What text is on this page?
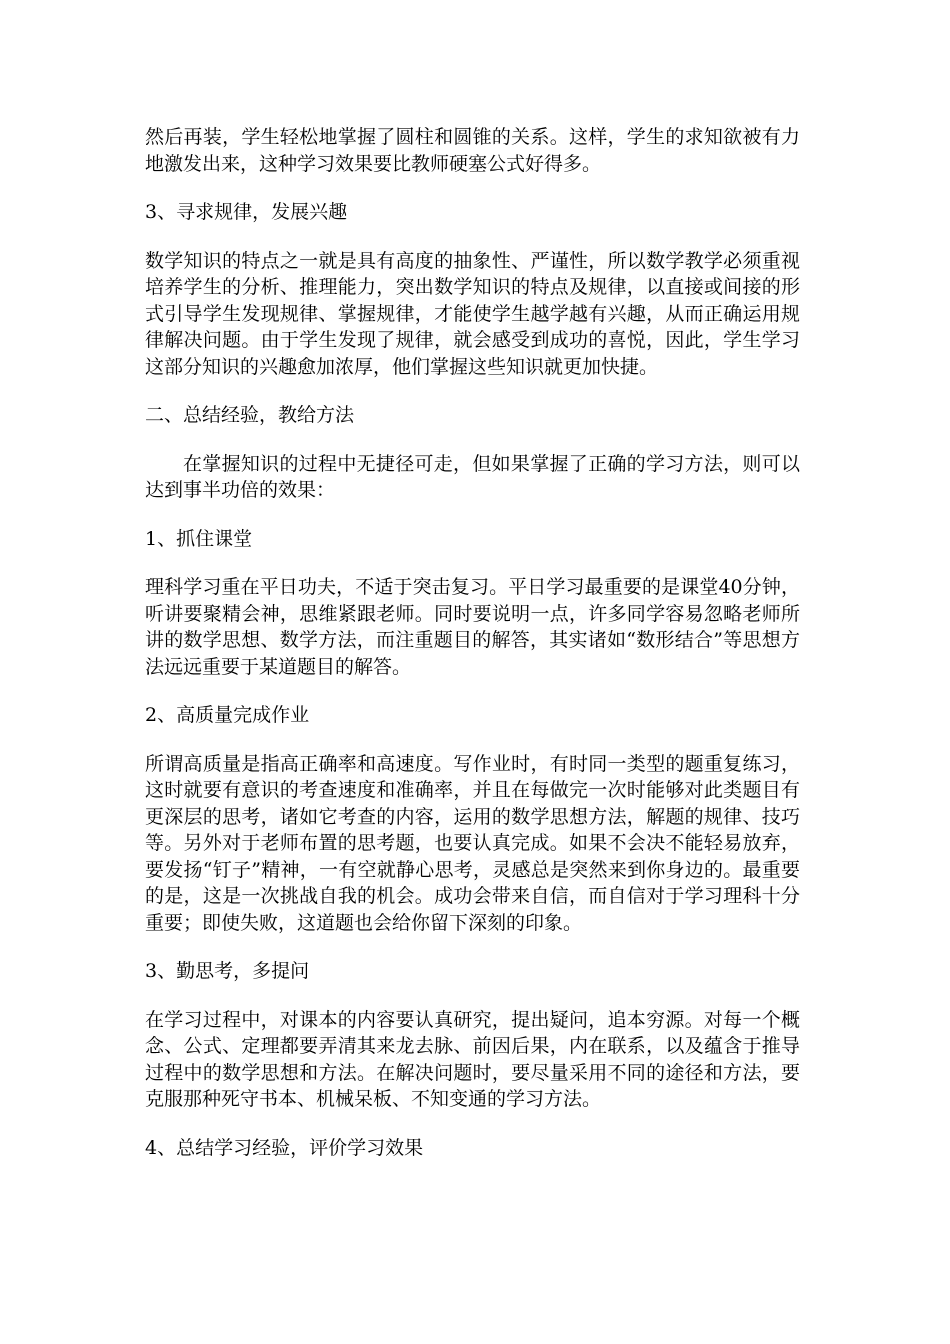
然后再装，学生轻松地掌握了圆柱和圆锥的关系。这样，学生的求知欲被有力地激发出来，这种学习效果要比教师硬塞公式好得多。

3、寻求规律，发展兴趣

数学知识的特点之一就是具有高度的抽象性、严谨性，所以数学教学必须重视培养学生的分析、推理能力，突出数学知识的特点及规律，以直接或间接的形式引导学生发现规律、掌握规律，才能使学生越学越有兴趣，从而正确运用规律解决问题。由于学生发现了规律，就会感受到成功的喜悦，因此，学生学习这部分知识的兴趣愈加浓厚，他们掌握这些知识就更加快捷。

二、总结经验，教给方法

在掌握知识的过程中无捷径可走，但如果掌握了正确的学习方法，则可以达到事半功倍的效果：

1、抓住课堂

理科学习重在平日功夫，不适于突击复习。平日学习最重要的是课堂40分钟，听讲要聚精会神，思维紧跟老师。同时要说明一点，许多同学容易忽略老师所讲的数学思想、数学方法，而注重题目的解答，其实诸如“数形结合”等思想方法远远重要于某道题目的解答。

2、高质量完成作业

所谓高质量是指高正确率和高速度。写作业时，有时同一类型的题重复练习，这时就要有意识的考查速度和准确率，并且在每做完一次时能够对此类题目有更深层的思考，诸如它考查的内容，运用的数学思想方法，解题的规律、技巧等。另外对于老师布置的思考题，也要认真完成。如果不会决不能轻易放弃，要发扬“钉子”精神，一有空就静心思考，灵感总是突然来到你身边的。最重要的是，这是一次挑战自我的机会。成功会带来自信，而自信对于学习理科十分重要；即使失败，这道题也会给你留下深刻的印象。

3、勤思考，多提问

在学习过程中，对课本的内容要认真研究，提出疑问，追本穷源。对每一个概念、公式、定理都要弄清其来龙去脉、前因后果，内在联系，以及蕴含于推导过程中的数学思想和方法。在解决问题时，要尽量采用不同的途径和方法，要克服那种死守书本、机械呆板、不知变通的学习方法。

4、总结学习经验，评价学习效果
